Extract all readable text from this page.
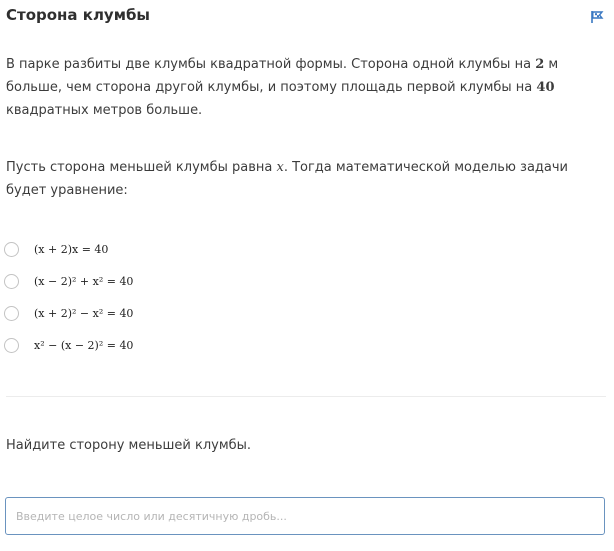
Сторона клумбы
В парке разбиты две клумбы квадратной формы. Сторона одной клумбы на 2 м больше, чем сторона другой клумбы, и поэтому площадь первой клумбы на 40 квадратных метров больше.
Пусть сторона меньшей клумбы равна x. Тогда математической моделью задачи будет уравнение:
(x + 2)x = 40
(x − 2)² + x² = 40
(x + 2)² − x² = 40
x² − (x − 2)² = 40
Найдите сторону меньшей клумбы.
Введите целое число или десятичную дробь...
